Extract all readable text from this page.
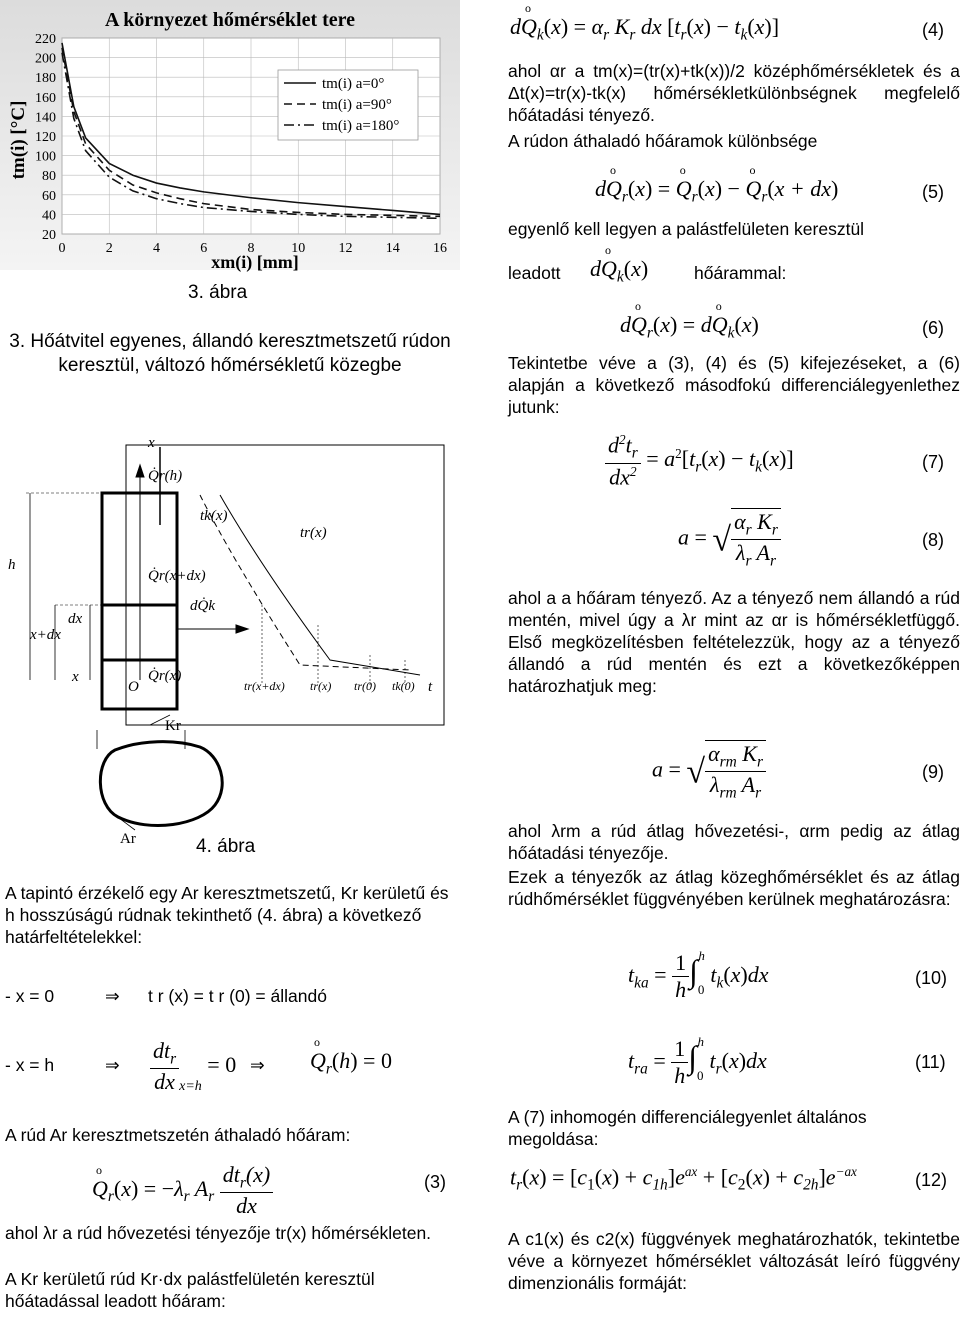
A környezet hőmérséklet tere
220
200
180
160
140
120
100
80
60
40
20
0	2	4	6	8	10 12 14 16
tm(i) [°C]
xm(i) [mm]
tm(i) a=0°
tm(i) a=90°
tm(i) a=180°
3. ábra
3. Hőátvitel egyenes, állandó keresztmetszetű rúdon keresztül, változó hőmérsékletű közegbe
x
Q̇r(h)
tk(x)
tr(x)
h
Q̇r(x+dx)
dQ̇k
dx
x+dx
Q̇r(x)
x
O	t
Kr
Ar
tr(x+dx) tr(x) tr(0) tk(0)
4. ábra
A tapintó érzékelő egy Ar keresztmetszetű, Kr kerületű és h hosszúságú rúdnak tekinthető (4. ábra) a következő határfeltételekkel:
- x = 0	⇒ t r (x) = t r (0) = állandó
- x = h	⇒ $\frac{dt_r}{dx} _{x=h} = 0$ ⇒
o $Q_r(h) = 0$
A rúd Ar keresztmetszetén áthaladó hőáram:
o $Q_r(x) = -\lambda_r$ $A_r \frac{dt_r(x)}{dx}$	(3)
ahol λr a rúd hővezetési tényezője tr(x) hőmérsékleten.
A Kr kerületű rúd Kr·dx palástfelületén keresztül hőátadással leadott hőáram:
do $Q_k(x) = \alpha_r$ $K_r$ dx $[t_r(x) - t_k(x)]$	(4)
ahol αr a tm(x)=(tr(x)+tk(x))/2 középhőmérsékletek és a Δt(x)=tr(x)-tk(x) hőmérsékletkülönbségnek megfelelő hőátadási tényező.
A rúdon áthaladó hőáramok különbsége
do $Q_r(x) = o$ $Q_r(x) - o$ $Q_r(x + dx)$	(5)
egyenlő kell legyen a palástfelületen keresztül
leadott do $Q_k(x)$	hőárammal:
do $Q_r(x)$ = do $Q_k(x)$	(6)
Tekintetbe véve a (3), (4) és (5) kifejezéseket, a (6) alapján a következő másodfokú differenciálegyenlethez jutunk:
$\frac{d^2t_r}{dx^2} = a^2[t_r(x) - t_k(x)]$	(7)
a = √ $\frac{\alpha_r K_r}{\lambda_r A_r}$	(8)
ahol a a hőáram tényező. Az a tényező nem állandó a rúd mentén, mivel úgy a λr mint az αr is hőmérsékletfüggő. Első megközelítésben feltételezzük, hogy az a tényező állandó a rúd mentén és ezt a következőképpen határozhatjuk meg:
a = √ $\frac{\alpha_{rm} K_r}{\lambda_{rm} A_r}$	(9)
ahol λrm a rúd átlag hővezetési-, αrm pedig az átlag hőátadási tényezője.
Ezek a tényezők az átlag közeghőmérséklet és az átlag rúdhőmérséklet függvényében kerülnek meghatározásra:
$t_{ka} = \frac{1}{h} \int_0^h$ $t_k(x)dx$	(10)
$t_{ra} = \frac{1}{h} \int_0^h$ $t_r(x)dx$	(11)
A (7) inhomogén differenciálegyenlet általános megoldása:
$t_r(x) = [c_1(x) + c_{1h}]e^{ax} + [c_2(x) + c_{2h}]e^{-ax}$	(12)
A c1(x) és c2(x) függvények meghatározhatók, tekintetbe véve a környezet hőmérséklet változását leíró függvény dimenzionális formáját:
